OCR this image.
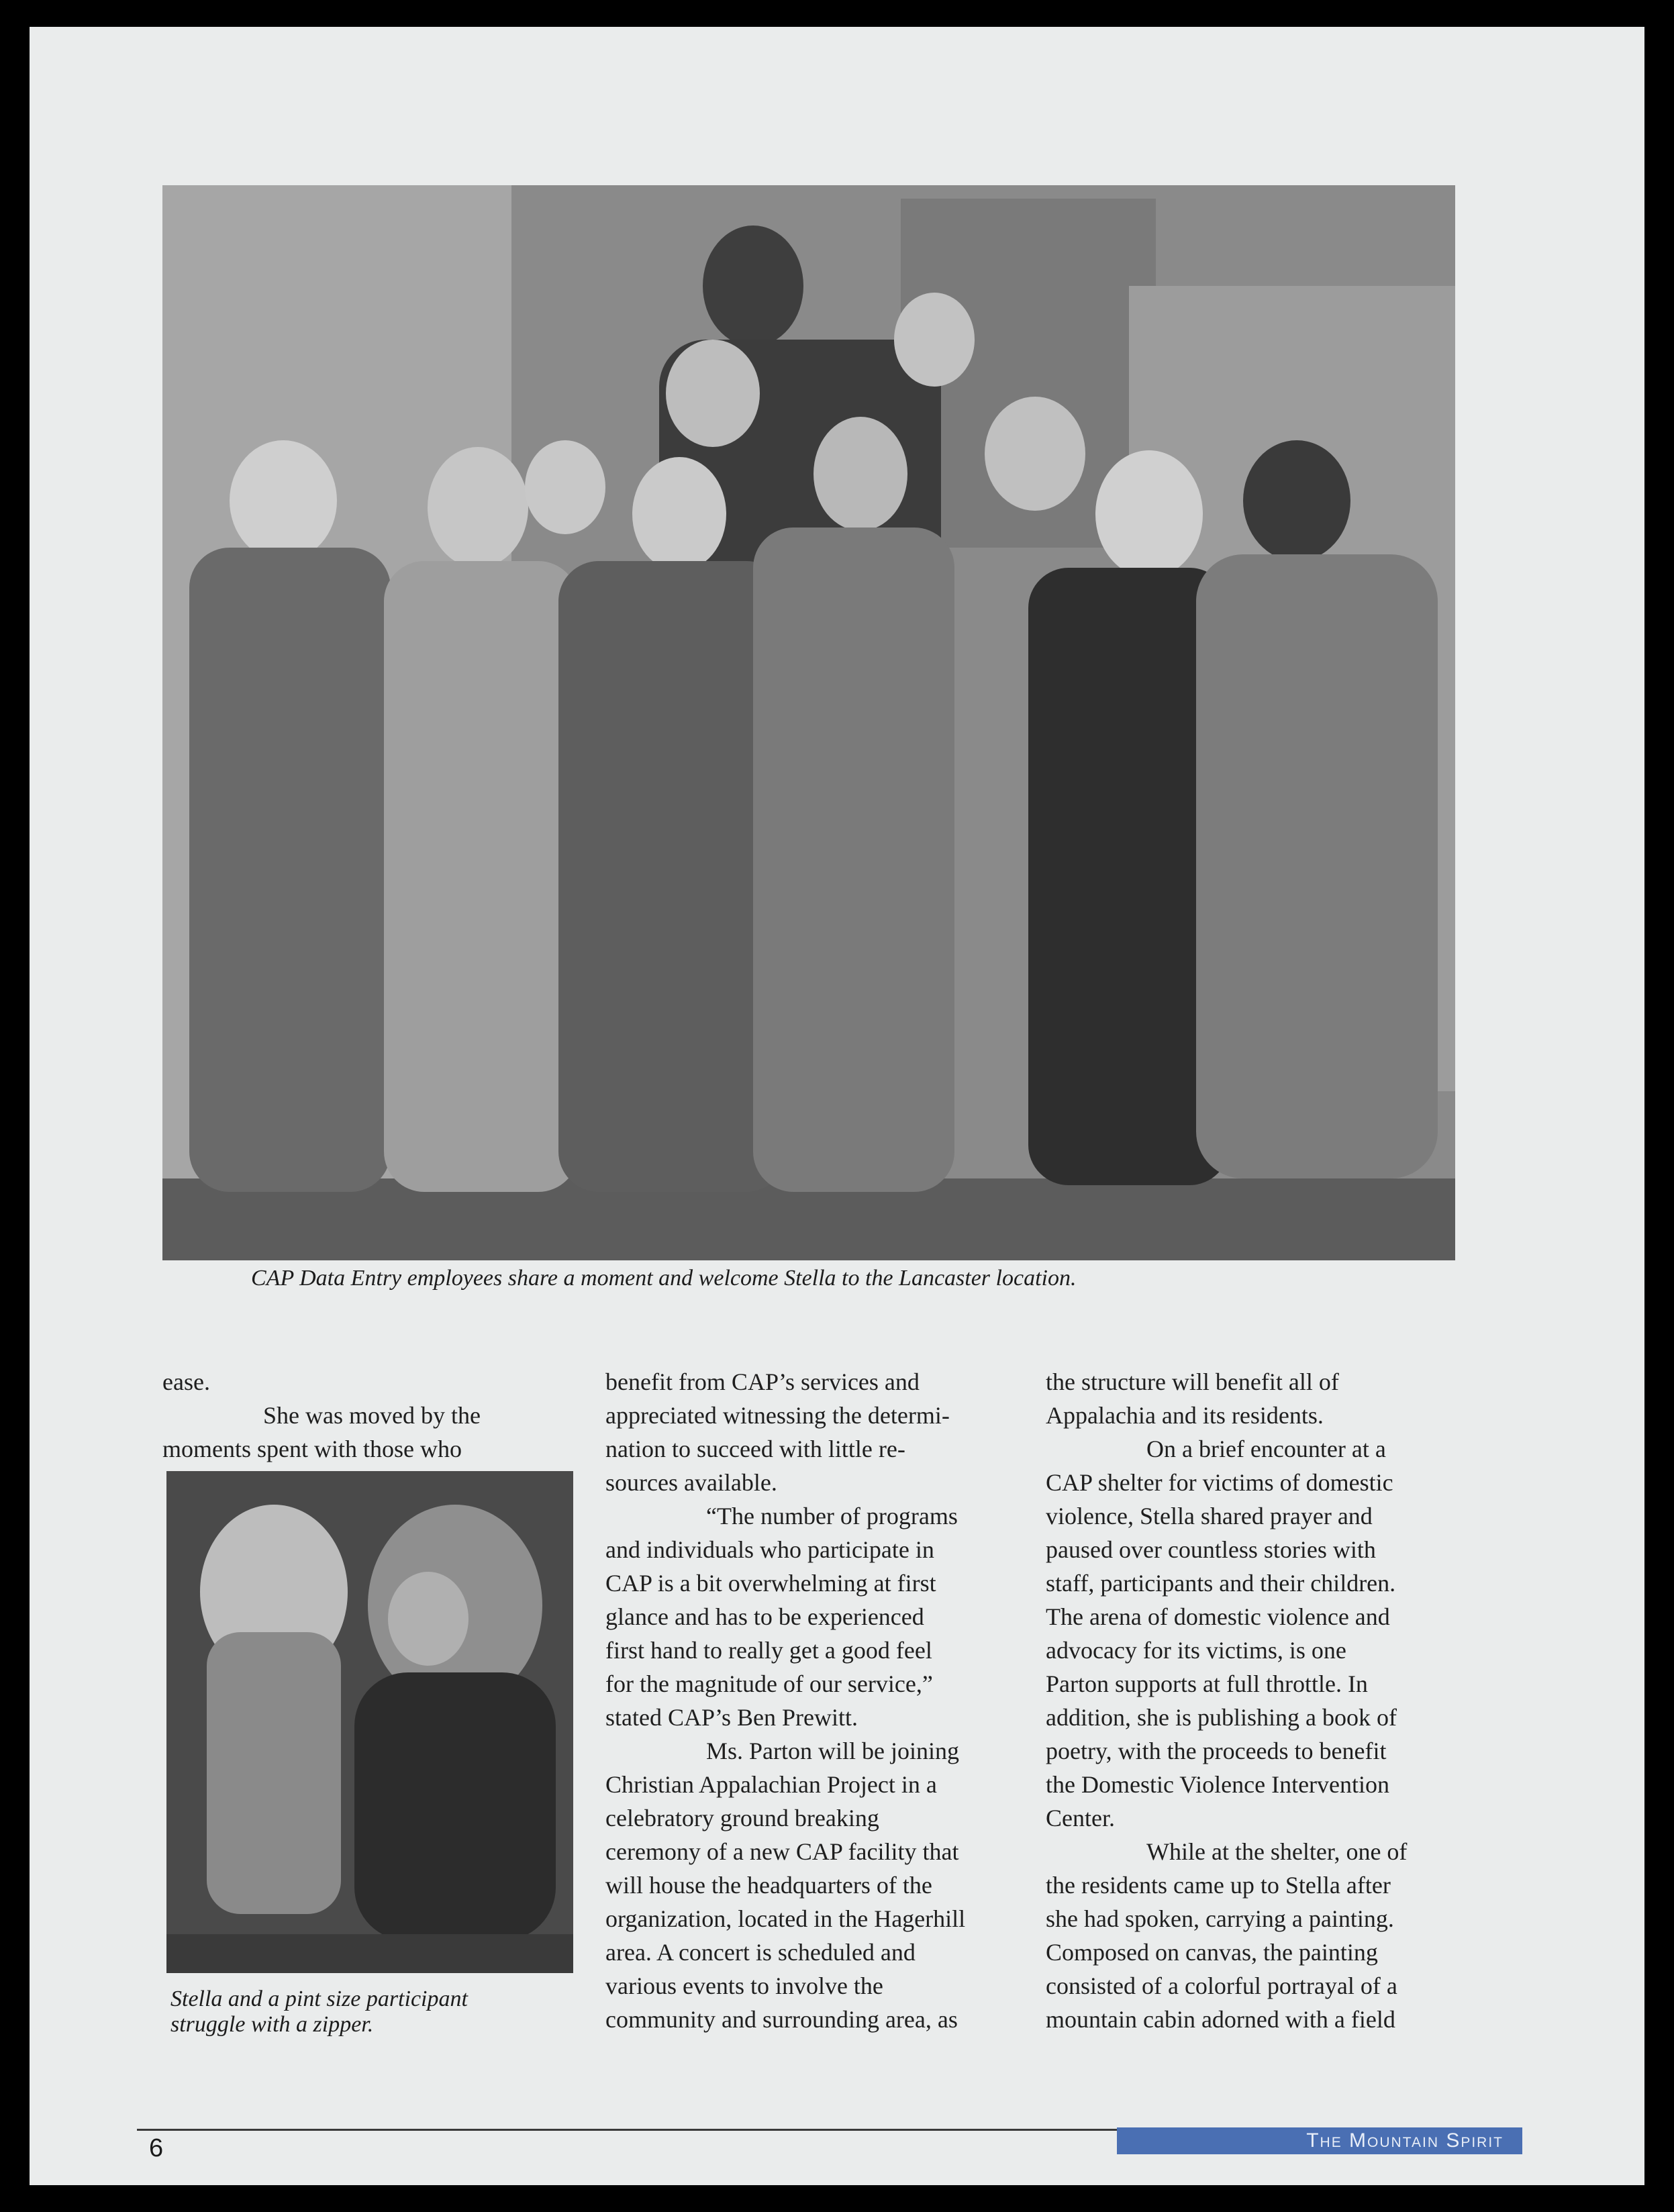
CAP Data Entry employees share a moment and welcome Stella to the Lancaster location.

ease.

She was moved by the

moments spent with those who

Stella and a pint size participant
struggle with a zipper.

benefit from CAP’s services and

appreciated witnessing the determi-

nation to succeed with little re-

sources available.

“The number of programs

and individuals who participate in

CAP is a bit overwhelming at first

glance and has to be experienced

first hand to really get a good feel

for the magnitude of our service,”

stated CAP’s Ben Prewitt.

Ms. Parton will be joining

Christian Appalachian Project in a

celebratory ground breaking

ceremony of a new CAP facility that

will house the headquarters of the

organization, located in the Hagerhill

area. A concert is scheduled and

various events to involve the

community and surrounding area, as

the structure will benefit all of

Appalachia and its residents.

On a brief encounter at a

CAP shelter for victims of domestic

violence, Stella shared prayer and

paused over countless stories with

staff, participants and their children.

The arena of domestic violence and

advocacy for its victims, is one

Parton supports at full throttle. In

addition, she is publishing a book of

poetry, with the proceeds to benefit

the Domestic Violence Intervention

Center.

While at the shelter, one of

the residents came up to Stella after

she had spoken, carrying a painting.

Composed on canvas, the painting

consisted of a colorful portrayal of a

mountain cabin adorned with a field

6	The Mountain Spirit
